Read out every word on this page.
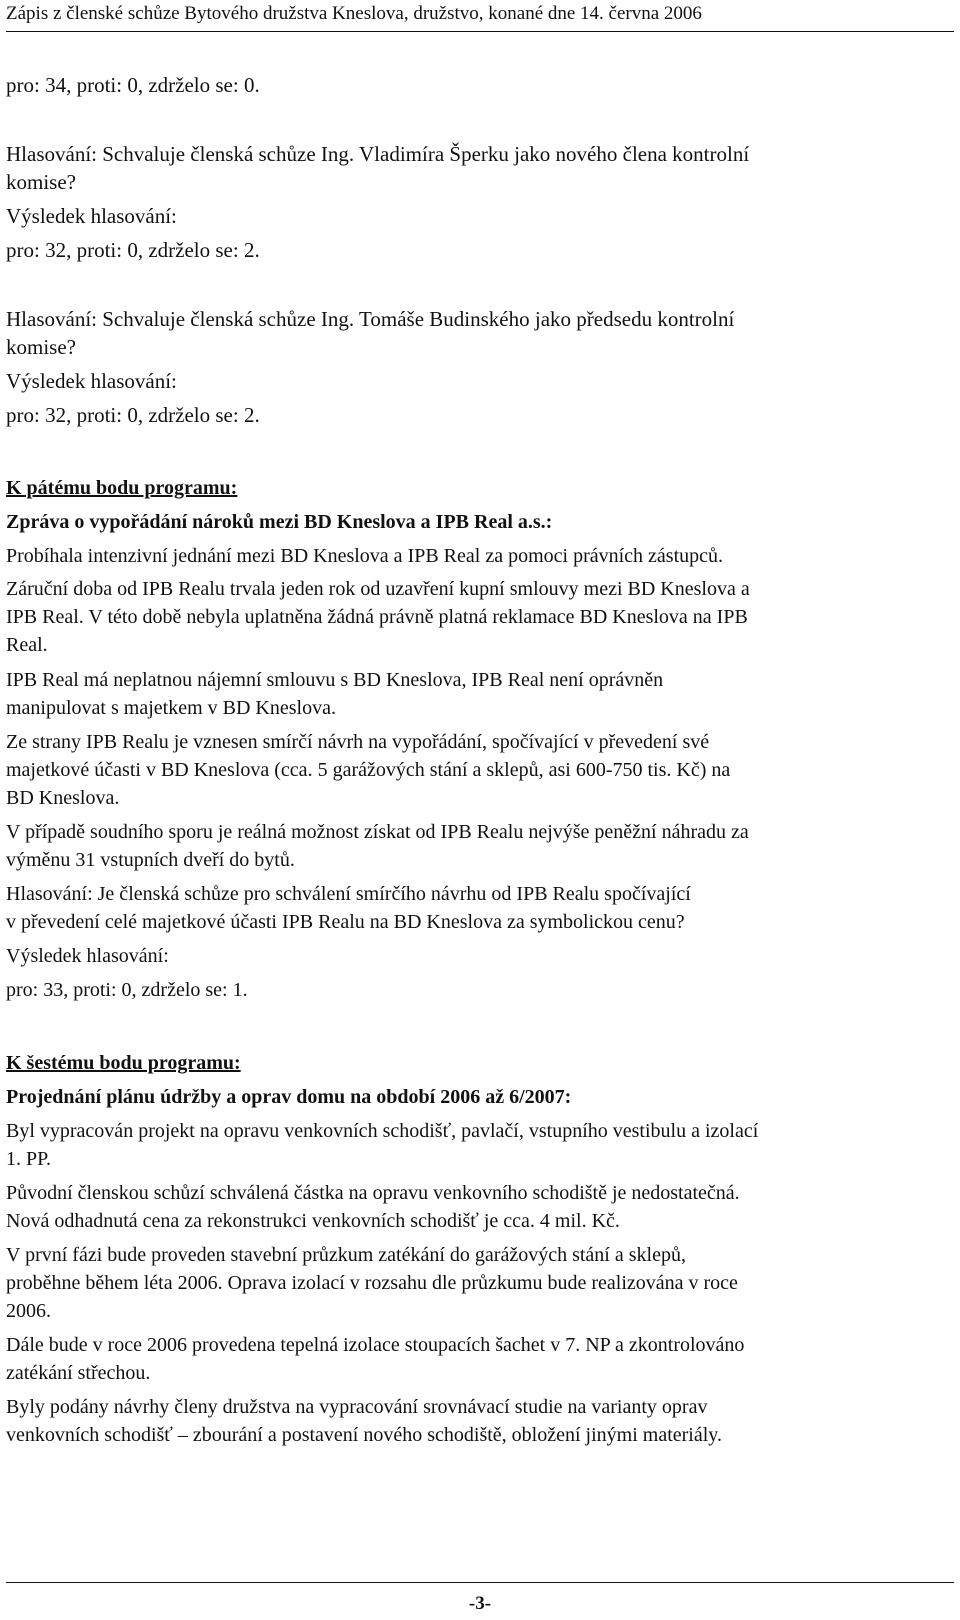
Zápis z členské schůze Bytového družstva Kneslova, družstvo, konané dne 14. června 2006
pro: 34, proti: 0, zdrželo se: 0.
Hlasování: Schvaluje členská schůze Ing. Vladimíra Šperku jako nového člena kontrolní
komise?
Výsledek hlasování:
pro: 32, proti: 0, zdrželo se: 2.
Hlasování: Schvaluje členská schůze Ing. Tomáše Budinského jako předsedu kontrolní
komise?
Výsledek hlasování:
pro: 32, proti: 0, zdrželo se: 2.
K pátému bodu programu:
Zpráva o vypořádání nároků mezi BD Kneslova a IPB Real a.s.:
Probíhala intenzivní jednání mezi BD Kneslova a IPB Real za pomoci právních zástupců.
Záruční doba od IPB Realu trvala jeden rok od uzavření kupní smlouvy mezi BD Kneslova a
IPB Real. V této době nebyla uplatněna žádná právně platná reklamace BD Kneslova na IPB
Real.
IPB Real má neplatnou nájemní smlouvu s BD Kneslova, IPB Real není oprávněn
manipulovat s majetkem v BD Kneslova.
Ze strany IPB Realu je vznesen smírčí návrh na vypořádání, spočívající v převedení své
majetkové účasti v BD Kneslova (cca. 5 garážových stání a sklepů, asi 600-750 tis. Kč) na
BD Kneslova.
V případě soudního sporu je reálná možnost získat od IPB Realu nejvýše peněžní náhradu za
výměnu 31 vstupních dveří do bytů.
Hlasování: Je členská schůze pro schválení smírčího návrhu od IPB Realu spočívající
v převedení celé majetkové účasti IPB Realu na BD Kneslova za symbolickou cenu?
Výsledek hlasování:
pro: 33, proti: 0, zdrželo se: 1.
K šestému bodu programu:
Projednání plánu údržby a oprav domu na období 2006 až 6/2007:
Byl vypracován projekt na opravu venkovních schodišť, pavlačí, vstupního vestibulu a izolací
1. PP.
Původní členskou schůzí schválená částka na opravu venkovního schodiště je nedostatečná.
Nová odhadnutá cena za rekonstrukci venkovních schodišť je cca. 4 mil. Kč.
V první fázi bude proveden stavební průzkum zatékání do garážových stání a sklepů,
proběhne během léta 2006. Oprava izolací v rozsahu dle průzkumu bude realizována v roce
2006.
Dále bude v roce 2006 provedena tepelná izolace stoupacích šachet v 7. NP a zkontrolováno
zatékání střechou.
Byly podány návrhy členy družstva na vypracování srovnávací studie na varianty oprav
venkovních schodišť – zbourání a postavení nového schodiště, obložení jinými materiály.
-3-
